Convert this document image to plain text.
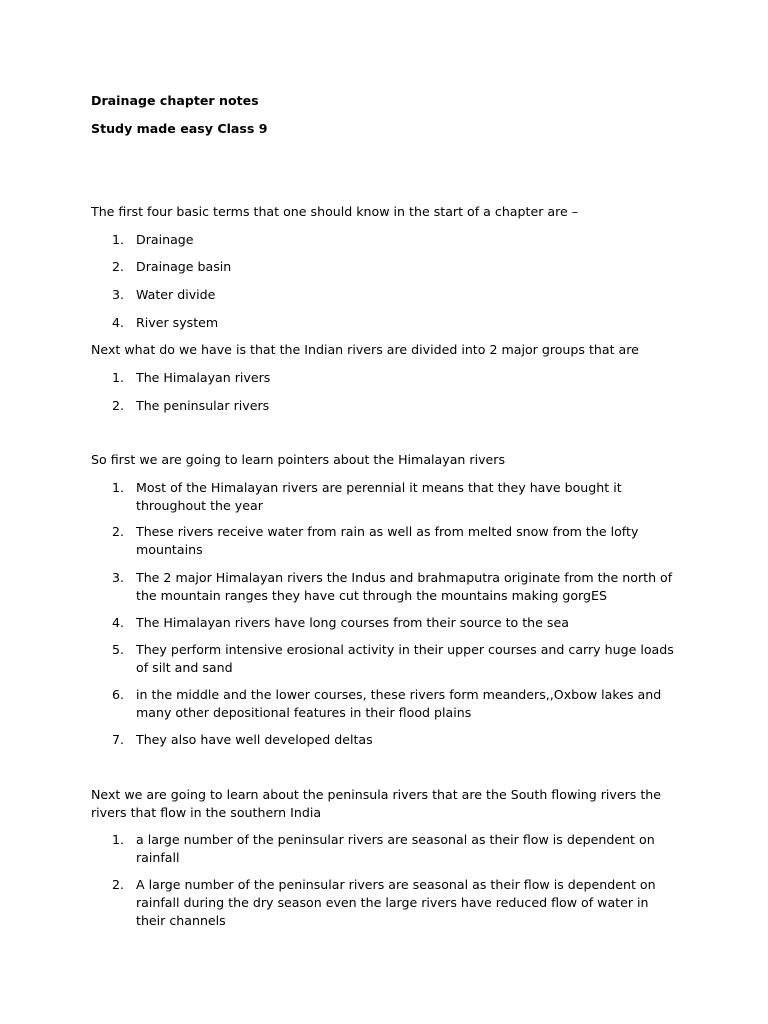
Drainage chapter notes
Study made easy Class 9
The first four basic terms that one should know in the start of a chapter are –
1. Drainage
2. Drainage basin
3. Water divide
4. River system
Next what do we have is that the Indian rivers are divided into 2 major groups that are
1. The Himalayan rivers
2. The peninsular rivers
So first we are going to learn pointers about the Himalayan rivers
1. Most of the Himalayan rivers are perennial it means that they have bought it throughout the year
2. These rivers receive water from rain as well as from melted snow from the lofty mountains
3. The 2 major Himalayan rivers the Indus and brahmaputra originate from the north of the mountain ranges they have cut through the mountains making gorgES
4. The Himalayan rivers have long courses from their source to the sea
5. They perform intensive erosional activity in their upper courses and carry huge loads of silt and sand
6. in the middle and the lower courses, these rivers form meanders,,Oxbow lakes and many other depositional features in their flood plains
7. They also have well developed deltas
Next we are going to learn about the peninsula rivers that are the South flowing rivers the rivers that flow in the southern India
1. a large number of the peninsular rivers are seasonal as their flow is dependent on rainfall
2. A large number of the peninsular rivers are seasonal as their flow is dependent on rainfall during the dry season even the large rivers have reduced flow of water in their channels
